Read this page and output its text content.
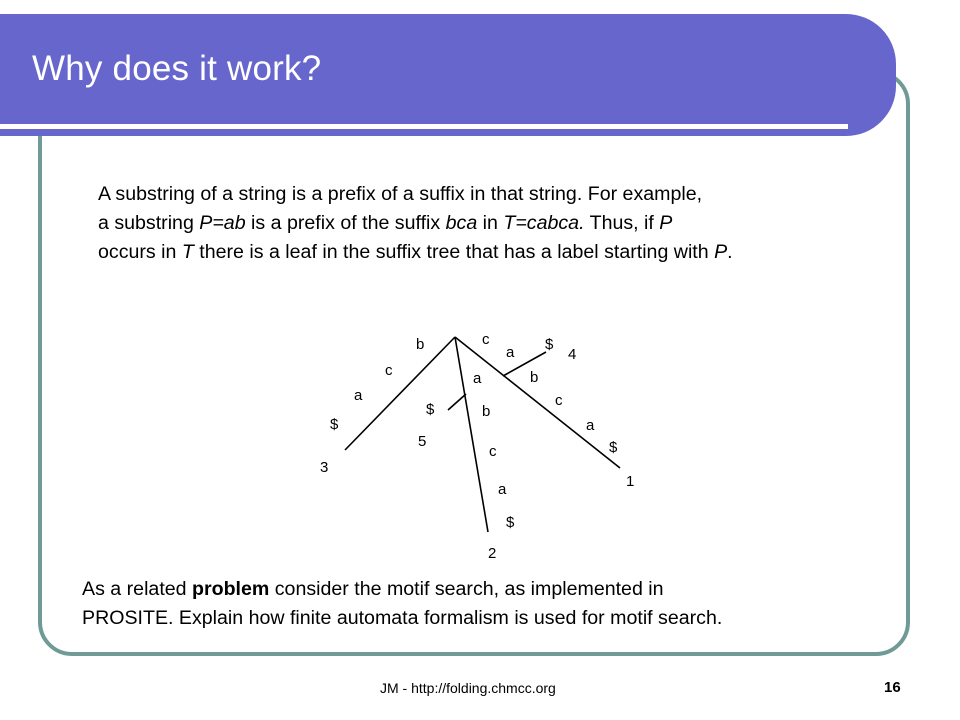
Why does it work?

A substring of a string is a prefix of a suffix in that string. For example,
a substring P=ab is a prefix of the suffix bca in T=cabca. Thus, if P
occurs in T there is a leaf in the suffix tree that has a label starting with P.

b
c
a
$
3
a
b
c
a
$
2
$
5
c
a
b
c
a
$
1
$
4

As a related problem consider the motif search, as implemented in
PROSITE. Explain how finite automata formalism is used for motif search.

JM - http://folding.chmcc.org	16
